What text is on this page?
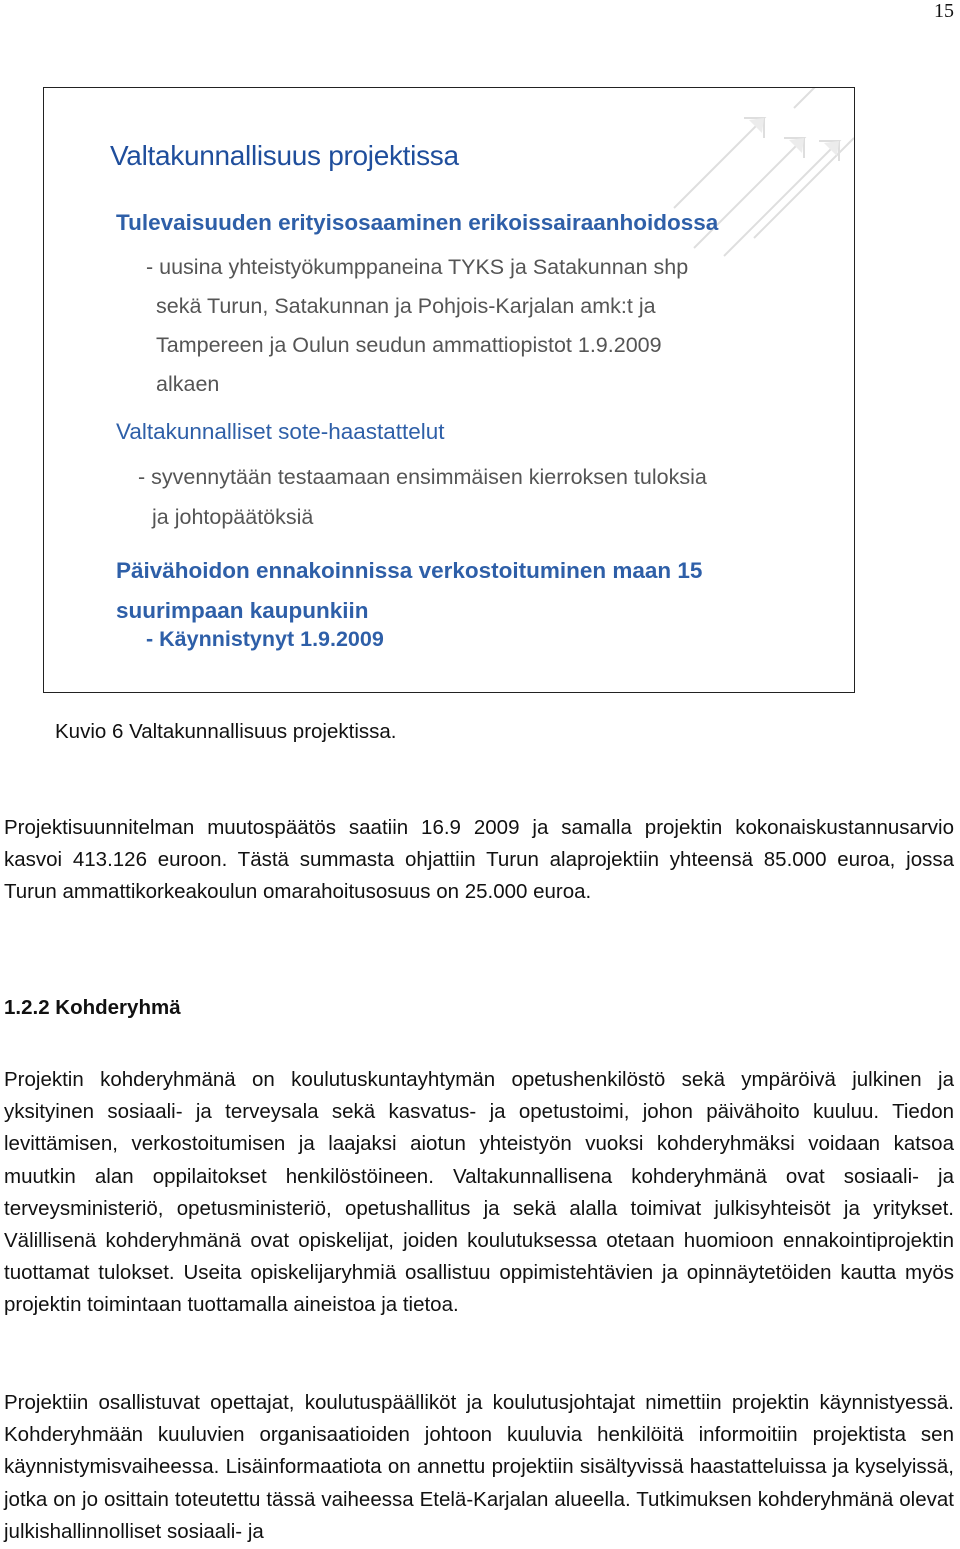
15
Valtakunnallisuus projektissa
Tulevaisuuden erityisosaaminen erikoissairaanhoidossa
- uusina yhteistyökumppaneina TYKS ja Satakunnan shp
sekä Turun, Satakunnan ja Pohjois-Karjalan amk:t ja
Tampereen ja Oulun seudun ammattiopistot 1.9.2009
alkaen
Valtakunnalliset sote-haastattelut
- syvennytään testaamaan ensimmäisen kierroksen tuloksia
ja johtopäätöksiä
Päivähoidon ennakoinnissa verkostoituminen maan 15
suurimpaan kaupunkiin
- Käynnistynyt 1.9.2009
Kuvio 6 Valtakunnallisuus projektissa.
Projektisuunnitelman muutospäätös saatiin 16.9 2009 ja samalla projektin kokonaiskustannusarvio kasvoi 413.126 euroon. Tästä summasta ohjattiin Turun alaprojektiin yhteensä 85.000 euroa, jossa Turun ammattikorkeakoulun omarahoitusosuus on 25.000 euroa.
1.2.2 Kohderyhmä
Projektin kohderyhmänä on koulutuskuntayhtymän opetushenkilöstö sekä ympäröivä julkinen ja yksityinen sosiaali- ja terveysala sekä kasvatus- ja opetustoimi, johon päivähoito kuuluu. Tiedon levittämisen, verkostoitumisen ja laajaksi aiotun yhteistyön vuoksi kohderyhmäksi voidaan katsoa muutkin alan oppilaitokset henkilöstöineen. Valtakunnallisena kohderyhmänä ovat sosiaali- ja terveysministeriö, opetusministeriö, opetushallitus ja sekä alalla toimivat julkisyhteisöt ja yritykset. Välillisenä kohderyhmänä ovat opiskelijat, joiden koulutuksessa otetaan huomioon ennakointiprojektin tuottamat tulokset. Useita opiskelijaryhmiä osallistuu oppimistehtävien ja opinnäytetöiden kautta myös projektin toimintaan tuottamalla aineistoa ja tietoa.
Projektiin osallistuvat opettajat, koulutuspäälliköt ja koulutusjohtajat nimettiin projektin käynnistyessä. Kohderyhmään kuuluvien organisaatioiden johtoon kuuluvia henkilöitä informoitiin projektista sen käynnistymisvaiheessa. Lisäinformaatiota on annettu projektiin sisältyvissä haastatteluissa ja kyselyissä, jotka on jo osittain toteutettu tässä vaiheessa Etelä-Karjalan alueella. Tutkimuksen kohderyhmänä olevat julkishallinnolliset sosiaali- ja
